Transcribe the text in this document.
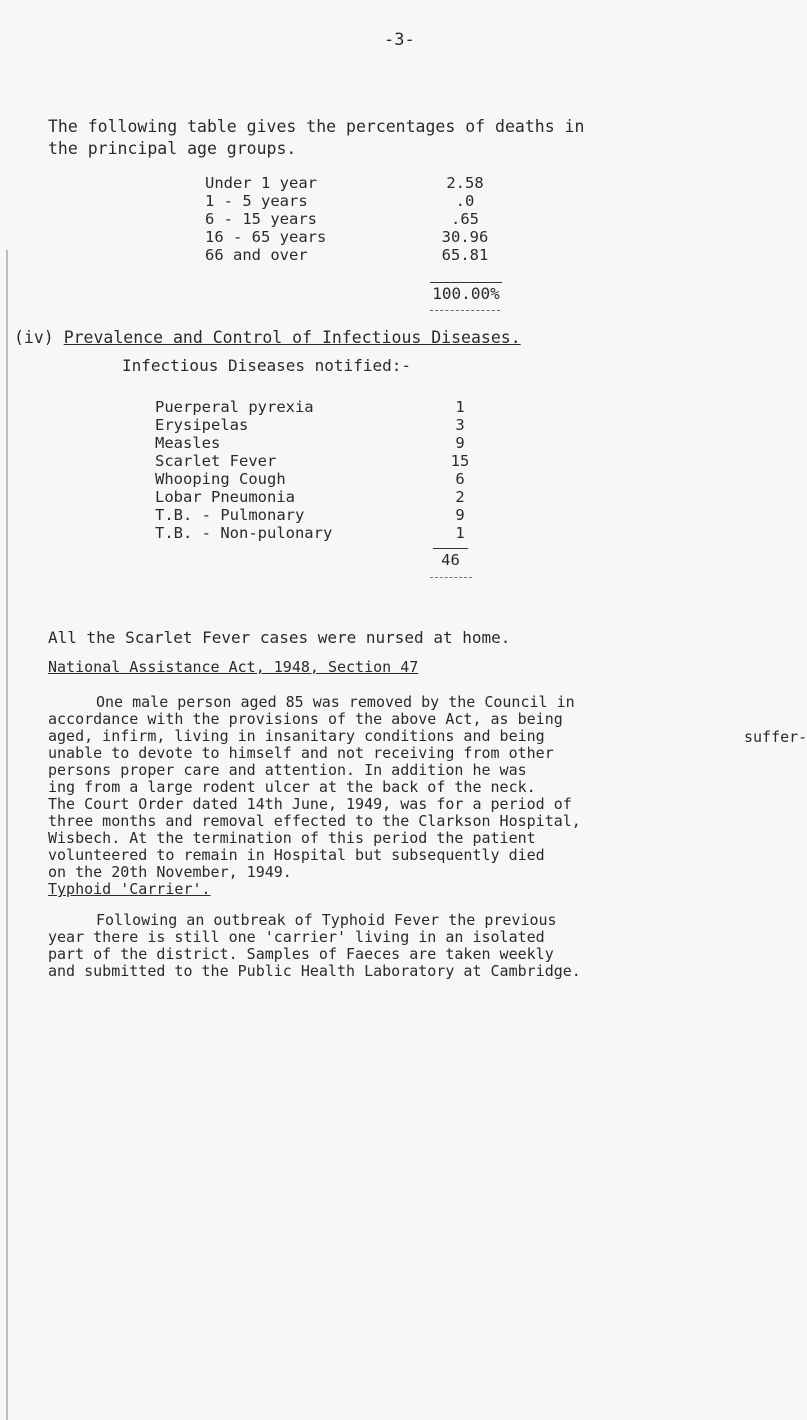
-3-
The following table gives the percentages of deaths in
the principal age groups.
Under 1 year	2.58
1 - 5 years	.0
6 - 15 years	.65
16 - 65 years	30.96
66 and over	65.81
100.00%
(iv) Prevalence and Control of Infectious Diseases.
Infectious Diseases notified:-
Puerperal pyrexia	1
Erysipelas	3
Measles	9
Scarlet Fever	15
Whooping Cough	6
Lobar Pneumonia	2
T.B. - Pulmonary	9
T.B. - Non-pulonary	1
46
All the Scarlet Fever cases were nursed at home.
National Assistance Act, 1948, Section 47
One male person aged 85 was removed by the Council in
accordance with the provisions of the above Act, as being
aged, infirm, living in insanitary conditions and being
unable to devote to himself and not receiving from other
persons proper care and attention. In addition he was
ing from a large rodent ulcer at the back of the neck.
The Court Order dated 14th June, 1949, was for a period of
three months and removal effected to the Clarkson Hospital,
Wisbech. At the termination of this period the patient
volunteered to remain in Hospital but subsequently died
on the 20th November, 1949.
suffer-
Typhoid 'Carrier'.
Following an outbreak of Typhoid Fever the previous
year there is still one 'carrier' living in an isolated
part of the district. Samples of Faeces are taken weekly
and submitted to the Public Health Laboratory at Cambridge.
